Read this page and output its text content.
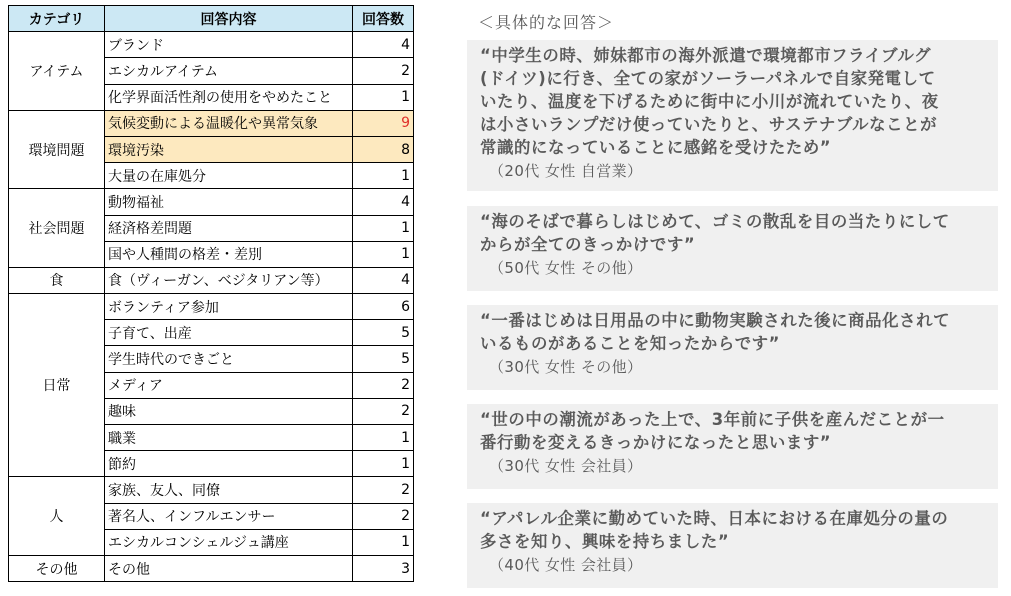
カテゴリ	回答内容	回答数
アイテム	ブランド	4
	エシカルアイテム	2
	化学界面活性剤の使用をやめたこと	1
環境問題	気候変動による温暖化や異常気象	9
	環境汚染	8
	大量の在庫処分	1
社会問題	動物福祉	4
	経済格差問題	1
	国や人種間の格差・差別	1
食	食（ヴィーガン、ベジタリアン等）	4
日常	ボランティア参加	6
	子育て、出産	5
	学生時代のできごと	5
	メディア	2
	趣味	2
	職業	1
	節約	1
人	家族、友人、同僚	2
	著名人、インフルエンサー	2
	エシカルコンシェルジュ講座	1
その他	その他	3
＜具体的な回答＞

“中学生の時、姉妹都市の海外派遣で環境都市フライブルグ
(ドイツ)に行き、全ての家がソーラーパネルで自家発電して
いたり、温度を下げるために街中に小川が流れていたり、夜
は小さいランプだけ使っていたりと、サステナブルなことが
常識的になっていることに感銘を受けたため”

（20代 女性 自営業）

“海のそばで暮らしはじめて、ゴミの散乱を目の当たりにして
からが全てのきっかけです”

（50代 女性 その他）

“一番はじめは日用品の中に動物実験された後に商品化されて
いるものがあることを知ったからです”

（30代 女性 その他）

“世の中の潮流があった上で、3年前に子供を産んだことが一
番行動を変えるきっかけになったと思います”

（30代 女性 会社員）

“アパレル企業に勤めていた時、日本における在庫処分の量の
多さを知り、興味を持ちました”

（40代 女性 会社員）
